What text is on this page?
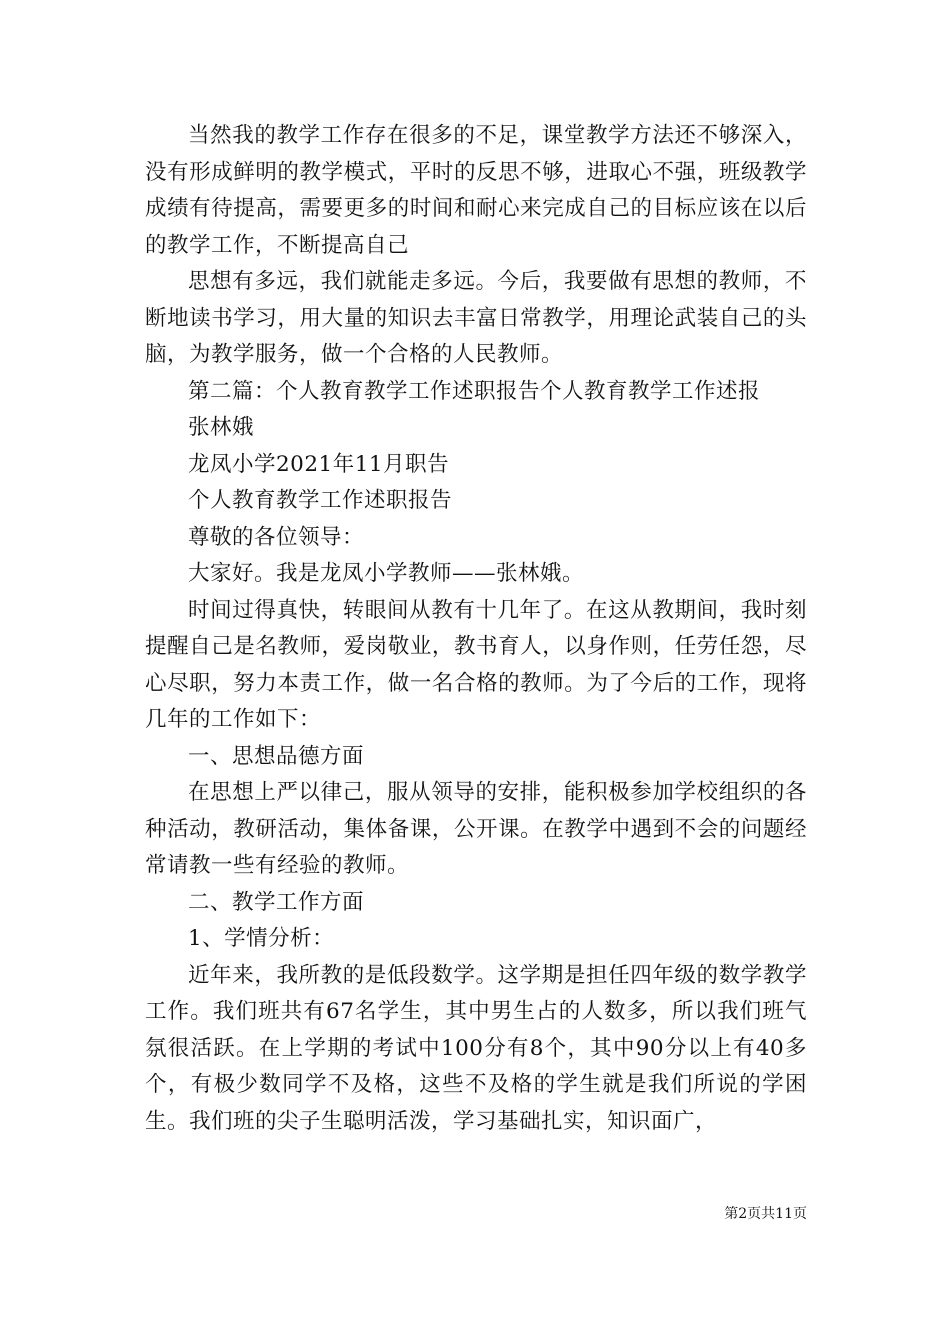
当然我的教学工作存在很多的不足，课堂教学方法还不够深入，没有形成鲜明的教学模式，平时的反思不够，进取心不强，班级教学成绩有待提高，需要更多的时间和耐心来完成自己的目标应该在以后的教学工作，不断提高自己

思想有多远，我们就能走多远。今后，我要做有思想的教师，不断地读书学习，用大量的知识去丰富日常教学，用理论武装自己的头脑，为教学服务，做一个合格的人民教师。

第二篇：个人教育教学工作述职报告个人教育教学工作述报

张林娥

龙凤小学2021年11月职告

个人教育教学工作述职报告

尊敬的各位领导：

大家好。我是龙凤小学教师——张林娥。

时间过得真快，转眼间从教有十几年了。在这从教期间，我时刻提醒自己是名教师，爱岗敬业，教书育人，以身作则，任劳任怨，尽心尽职，努力本责工作，做一名合格的教师。为了今后的工作，现将几年的工作如下：

一、思想品德方面

在思想上严以律己，服从领导的安排，能积极参加学校组织的各种活动，教研活动，集体备课，公开课。在教学中遇到不会的问题经常请教一些有经验的教师。

二、教学工作方面

1、学情分析：

近年来，我所教的是低段数学。这学期是担任四年级的数学教学工作。我们班共有67名学生，其中男生占的人数多，所以我们班气氛很活跃。在上学期的考试中100分有8个，其中90分以上有40多个，有极少数同学不及格，这些不及格的学生就是我们所说的学困生。我们班的尖子生聪明活泼，学习基础扎实，知识面广，

第2页共11页
